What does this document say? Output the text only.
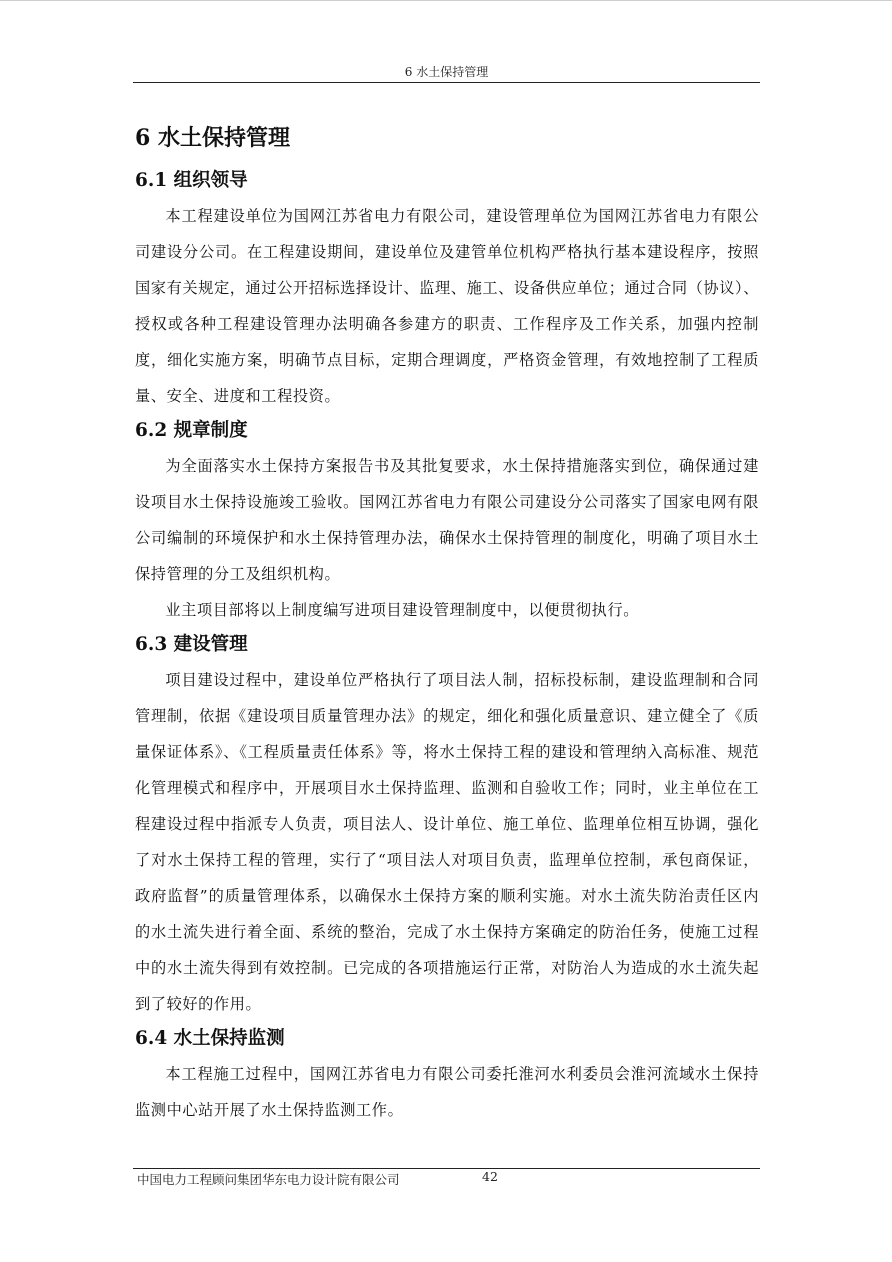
6 水土保持管理
6 水土保持管理
6.1 组织领导

本工程建设单位为国网江苏省电力有限公司，建设管理单位为国网江苏省电力有限公司建设分公司。在工程建设期间，建设单位及建管单位机构严格执行基本建设程序，按照国家有关规定，通过公开招标选择设计、监理、施工、设备供应单位；通过合同（协议）、授权或各种工程建设管理办法明确各参建方的职责、工作程序及工作关系，加强内控制度，细化实施方案，明确节点目标，定期合理调度，严格资金管理，有效地控制了工程质量、安全、进度和工程投资。

6.2 规章制度

为全面落实水土保持方案报告书及其批复要求，水土保持措施落实到位，确保通过建设项目水土保持设施竣工验收。国网江苏省电力有限公司建设分公司落实了国家电网有限公司编制的环境保护和水土保持管理办法，确保水土保持管理的制度化，明确了项目水土保持管理的分工及组织机构。

业主项目部将以上制度编写进项目建设管理制度中，以便贯彻执行。

6.3 建设管理

项目建设过程中，建设单位严格执行了项目法人制，招标投标制，建设监理制和合同管理制，依据《建设项目质量管理办法》的规定，细化和强化质量意识、建立健全了《质量保证体系》、《工程质量责任体系》等，将水土保持工程的建设和管理纳入高标准、规范化管理模式和程序中，开展项目水土保持监理、监测和自验收工作；同时，业主单位在工程建设过程中指派专人负责，项目法人、设计单位、施工单位、监理单位相互协调，强化了对水土保持工程的管理，实行了“项目法人对项目负责，监理单位控制，承包商保证，政府监督”的质量管理体系，以确保水土保持方案的顺利实施。对水土流失防治责任区内的水土流失进行着全面、系统的整治，完成了水土保持方案确定的防治任务，使施工过程中的水土流失得到有效控制。已完成的各项措施运行正常，对防治人为造成的水土流失起到了较好的作用。

6.4 水土保持监测

本工程施工过程中，国网江苏省电力有限公司委托淮河水利委员会淮河流域水土保持监测中心站开展了水土保持监测工作。

中国电力工程顾问集团华东电力设计院有限公司	42
